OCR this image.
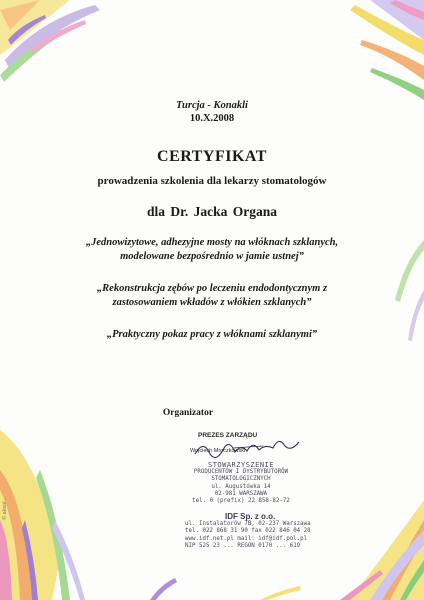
Turcja - Konakli
10.X.2008
CERTYFIKAT
prowadzenia szkolenia dla lekarzy stomatologów
dla Dr. Jacka Organa
„Jednowizytowe, adhezyjne mosty na włóknach szklanych,
modelowane bezpośrednio w jamie ustnej”
„Rekonstrukcja zębów po leczeniu endodontycznym z
zastosowaniem wkładów z włókien szklanych”
„Praktyczny pokaz pracy z włóknami szklanymi”
Organizator
PREZES ZARZĄDU
Wojciech Mroczkowski
STOWARZYSZENIE
PRODUCENTÓW I DYSTRYBUTORÓW
STOMATOLOGICZNYCH
ul. Augustówka 14
02-981 WARSZAWA
tel. 0 (prefix) 22 858-82-72
IDF Sp. z o.o.
ul. Instalatorów 7B, 02-237 Warszawa
tel. 022 868 31 90 fax 022 846 04 28
www.idf.net.pl mail: idf@idf.pol.pl
NIP 525 23 ... REGON 0170 ... 619
© aksol ...
